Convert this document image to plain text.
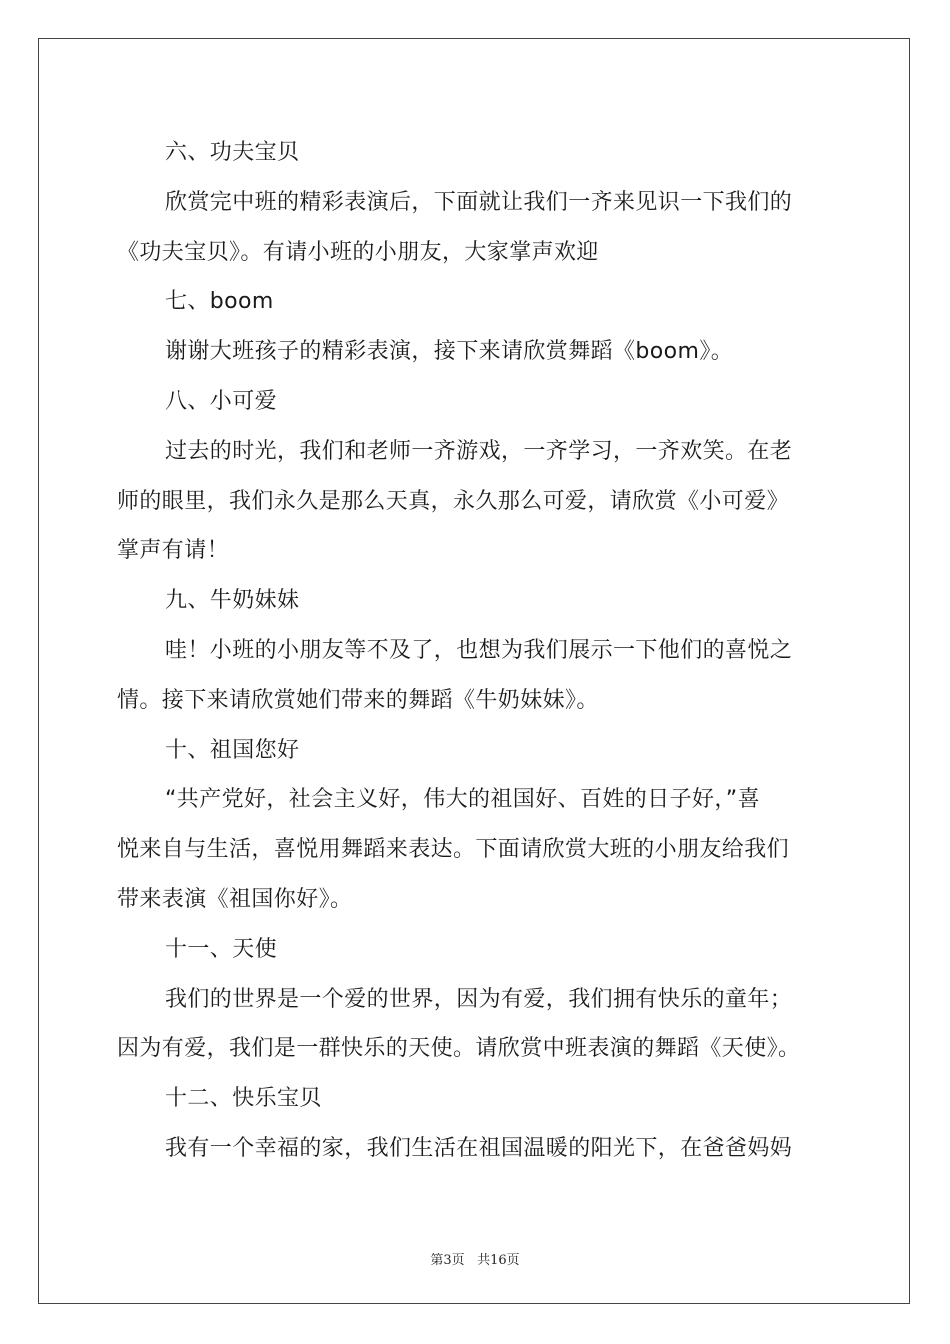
六、功夫宝贝
欣赏完中班的精彩表演后，下面就让我们一齐来见识一下我们的
《功夫宝贝》。有请小班的小朋友，大家掌声欢迎
七、boom
谢谢大班孩子的精彩表演，接下来请欣赏舞蹈《boom》。
八、小可爱
过去的时光，我们和老师一齐游戏，一齐学习，一齐欢笑。在老
师的眼里，我们永久是那么天真，永久那么可爱，请欣赏《小可爱》
掌声有请！
九、牛奶妹妹
哇！小班的小朋友等不及了，也想为我们展示一下他们的喜悦之
情。接下来请欣赏她们带来的舞蹈《牛奶妹妹》。
十、祖国您好
“共产党好，社会主义好，伟大的祖国好、百姓的日子好，”喜
悦来自与生活，喜悦用舞蹈来表达。下面请欣赏大班的小朋友给我们
带来表演《祖国你好》。
十一、天使
我们的世界是一个爱的世界，因为有爱，我们拥有快乐的童年；
因为有爱，我们是一群快乐的天使。请欣赏中班表演的舞蹈《天使》。
十二、快乐宝贝
我有一个幸福的家，我们生活在祖国温暖的阳光下，在爸爸妈妈
第3页 共16页
